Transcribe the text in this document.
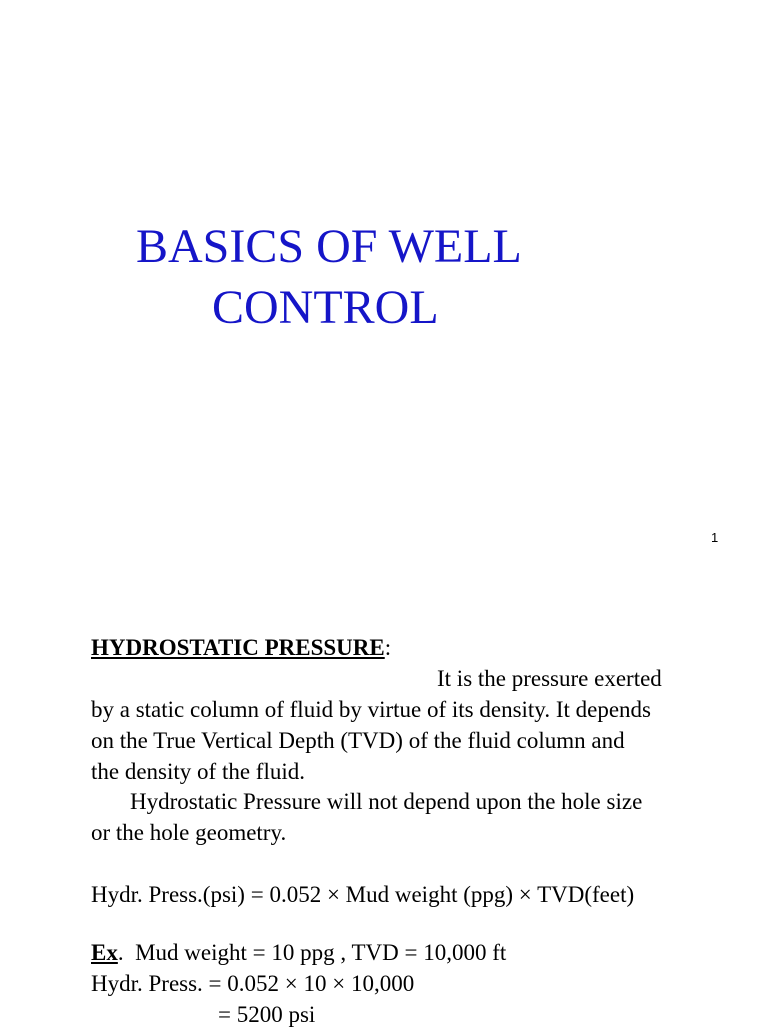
BASICS OF WELL
CONTROL
1
HYDROSTATIC PRESSURE:
It is the pressure exerted
by a static column of fluid by virtue of its density. It depends
on the True Vertical Depth (TVD) of the fluid column and
the density of the fluid.
Hydrostatic Pressure will not depend upon the hole size
or the hole geometry.
Hydr. Press.(psi) = 0.052 × Mud weight (ppg) × TVD(feet)
Ex.  Mud weight = 10 ppg , TVD = 10,000 ft
Hydr. Press. = 0.052 × 10 × 10,000
= 5200 psi
